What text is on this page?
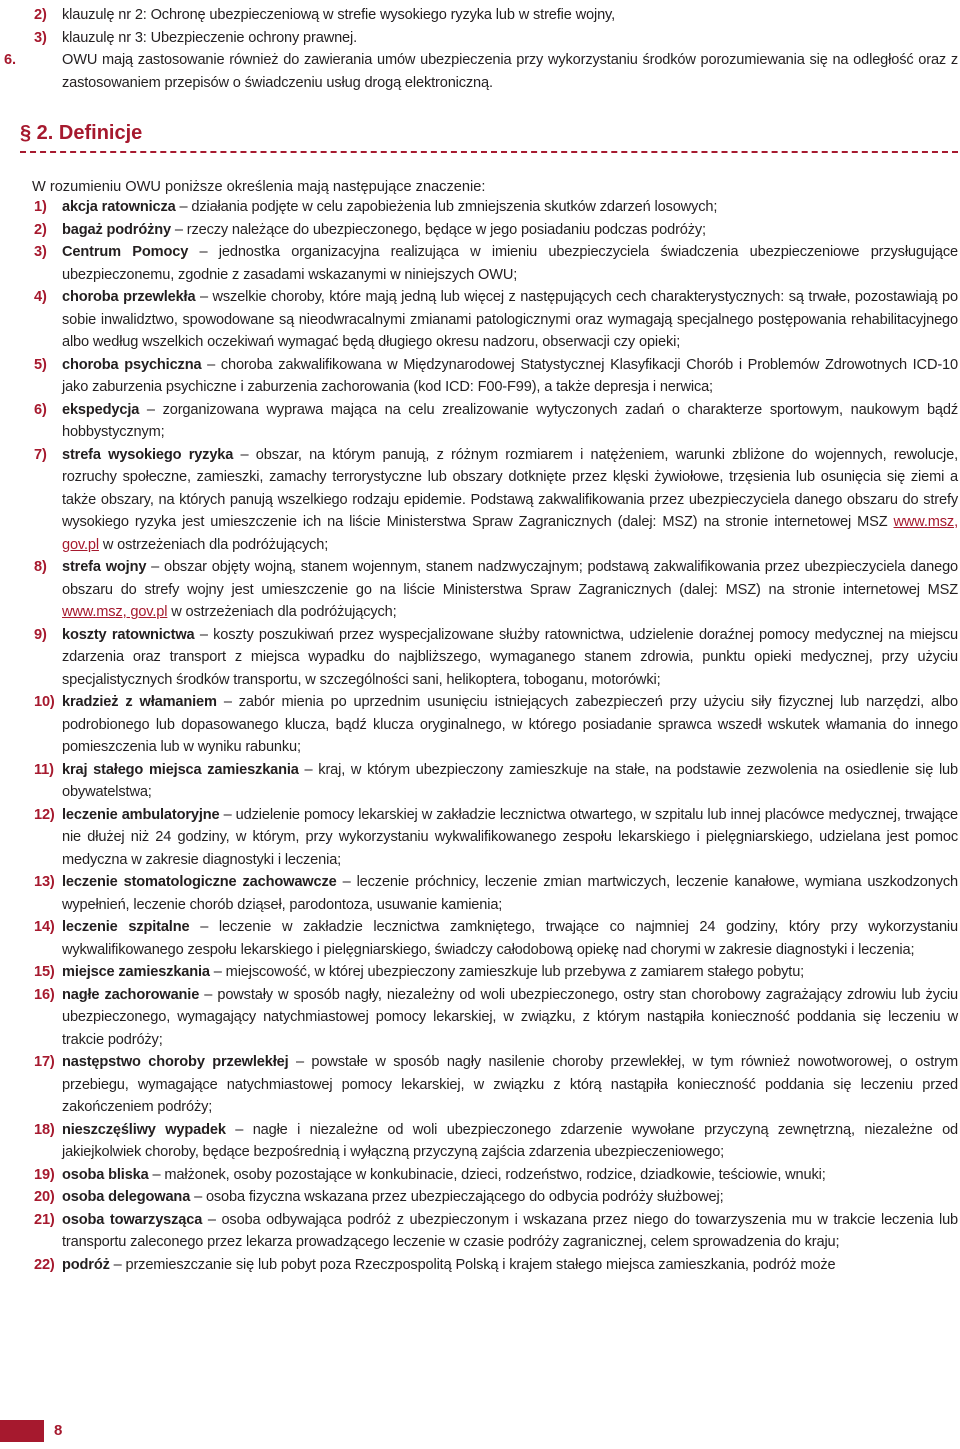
2) klauzulę nr 2: Ochronę ubezpieczeniową w strefie wysokiego ryzyka lub w strefie wojny,
3) klauzulę nr 3: Ubezpieczenie ochrony prawnej.
6.	OWU mają zastosowanie również do zawierania umów ubezpieczenia przy wykorzystaniu środków porozumiewania się na odległość oraz z zastosowaniem przepisów o świadczeniu usług drogą elektroniczną.
§ 2. Definicje
W rozumieniu OWU poniższe określenia mają następujące znaczenie:
1) akcja ratownicza – działania podjęte w celu zapobieżenia lub zmniejszenia skutków zdarzeń losowych;
2) bagaż podróżny – rzeczy należące do ubezpieczonego, będące w jego posiadaniu podczas podróży;
3) Centrum Pomocy – jednostka organizacyjna realizująca w imieniu ubezpieczyciela świadczenia ubezpieczeniowe przysługujące ubezpieczonemu, zgodnie z zasadami wskazanymi w niniejszych OWU;
4) choroba przewlekła – wszelkie choroby, które mają jedną lub więcej z następujących cech charakterystycznych: są trwałe, pozostawiają po sobie inwalidztwo, spowodowane są nieodwracalnymi zmianami patologicznymi oraz wymagają specjalnego postępowania rehabilitacyjnego albo według wszelkich oczekiwań wymagać będą długiego okresu nadzoru, obserwacji czy opieki;
5) choroba psychiczna – choroba zakwalifikowana w Międzynarodowej Statystycznej Klasyfikacji Chorób i Problemów Zdrowotnych ICD-10 jako zaburzenia psychiczne i zaburzenia zachorowania (kod ICD: F00-F99), a także depresja i nerwica;
6) ekspedycja – zorganizowana wyprawa mająca na celu zrealizowanie wytyczonych zadań o charakterze sportowym, naukowym bądź hobbystycznym;
7) strefa wysokiego ryzyka – obszar, na którym panują, z różnym rozmiarem i natężeniem, warunki zbliżone do wojennych, rewolucje, rozruchy społeczne, zamieszki, zamachy terrorystyczne lub obszary dotknięte przez klęski żywiołowe, trzęsienia lub osunięcia się ziemi a także obszary, na których panują wszelkiego rodzaju epidemie. Podstawą zakwalifikowania przez ubezpieczyciela danego obszaru do strefy wysokiego ryzyka jest umieszczenie ich na liście Ministerstwa Spraw Zagranicznych (dalej: MSZ) na stronie internetowej MSZ www.msz, gov.pl w ostrzeżeniach dla podróżujących;
8) strefa wojny – obszar objęty wojną, stanem wojennym, stanem nadzwyczajnym; podstawą zakwalifikowania przez ubezpieczyciela danego obszaru do strefy wojny jest umieszczenie go na liście Ministerstwa Spraw Zagranicznych (dalej: MSZ) na stronie internetowej MSZ www.msz, gov.pl w ostrzeżeniach dla podróżujących;
9) koszty ratownictwa – koszty poszukiwań przez wyspecjalizowane służby ratownictwa, udzielenie doraźnej pomocy medycznej na miejscu zdarzenia oraz transport z miejsca wypadku do najbliższego, wymaganego stanem zdrowia, punktu opieki medycznej, przy użyciu specjalistycznych środków transportu, w szczególności sani, helikoptera, toboganu, motorówki;
10) kradzież z włamaniem – zabór mienia po uprzednim usunięciu istniejących zabezpieczeń przy użyciu siły fizycznej lub narzędzi, albo podrobionego lub dopasowanego klucza, bądź klucza oryginalnego, w którego posiadanie sprawca wszedł wskutek włamania do innego pomieszczenia lub w wyniku rabunku;
11) kraj stałego miejsca zamieszkania – kraj, w którym ubezpieczony zamieszkuje na stałe, na podstawie zezwolenia na osiedlenie się lub obywatelstwa;
12) leczenie ambulatoryjne – udzielenie pomocy lekarskiej w zakładzie lecznictwa otwartego, w szpitalu lub innej placówce medycznej, trwające nie dłużej niż 24 godziny, w którym, przy wykorzystaniu wykwalifikowanego zespołu lekarskiego i pielęgniarskiego, udzielana jest pomoc medyczna w zakresie diagnostyki i leczenia;
13) leczenie stomatologiczne zachowawcze – leczenie próchnicy, leczenie zmian martwiczych, leczenie kanałowe, wymiana uszkodzonych wypełnień, leczenie chorób dziąseł, parodontoza, usuwanie kamienia;
14) leczenie szpitalne – leczenie w zakładzie lecznictwa zamkniętego, trwające co najmniej 24 godziny, który przy wykorzystaniu wykwalifikowanego zespołu lekarskiego i pielęgniarskiego, świadczy całodobową opiekę nad chorymi w zakresie diagnostyki i leczenia;
15) miejsce zamieszkania – miejscowość, w której ubezpieczony zamieszkuje lub przebywa z zamiarem stałego pobytu;
16) nagłe zachorowanie – powstały w sposób nagły, niezależny od woli ubezpieczonego, ostry stan chorobowy zagrażający zdrowiu lub życiu ubezpieczonego, wymagający natychmiastowej pomocy lekarskiej, w związku, z którym nastąpiła konieczność poddania się leczeniu w trakcie podróży;
17) następstwo choroby przewlekłej – powstałe w sposób nagły nasilenie choroby przewlekłej, w tym również nowotworowej, o ostrym przebiegu, wymagające natychmiastowej pomocy lekarskiej, w związku z którą nastąpiła konieczność poddania się leczeniu przed zakończeniem podróży;
18) nieszczęśliwy wypadek – nagłe i niezależne od woli ubezpieczonego zdarzenie wywołane przyczyną zewnętrzną, niezależne od jakiejkolwiek choroby, będące bezpośrednią i wyłączną przyczyną zajścia zdarzenia ubezpieczeniowego;
19) osoba bliska – małżonek, osoby pozostające w konkubinacie, dzieci, rodzeństwo, rodzice, dziadkowie, teściowie, wnuki;
20) osoba delegowana – osoba fizyczna wskazana przez ubezpieczającego do odbycia podróży służbowej;
21) osoba towarzysząca – osoba odbywająca podróż z ubezpieczonym i wskazana przez niego do towarzyszenia mu w trakcie leczenia lub transportu zaleconego przez lekarza prowadzącego leczenie w czasie podróży zagranicznej, celem sprowadzenia do kraju;
22) podróż – przemieszczanie się lub pobyt poza Rzeczpospolitą Polską i krajem stałego miejsca zamieszkania, podróż może
8
